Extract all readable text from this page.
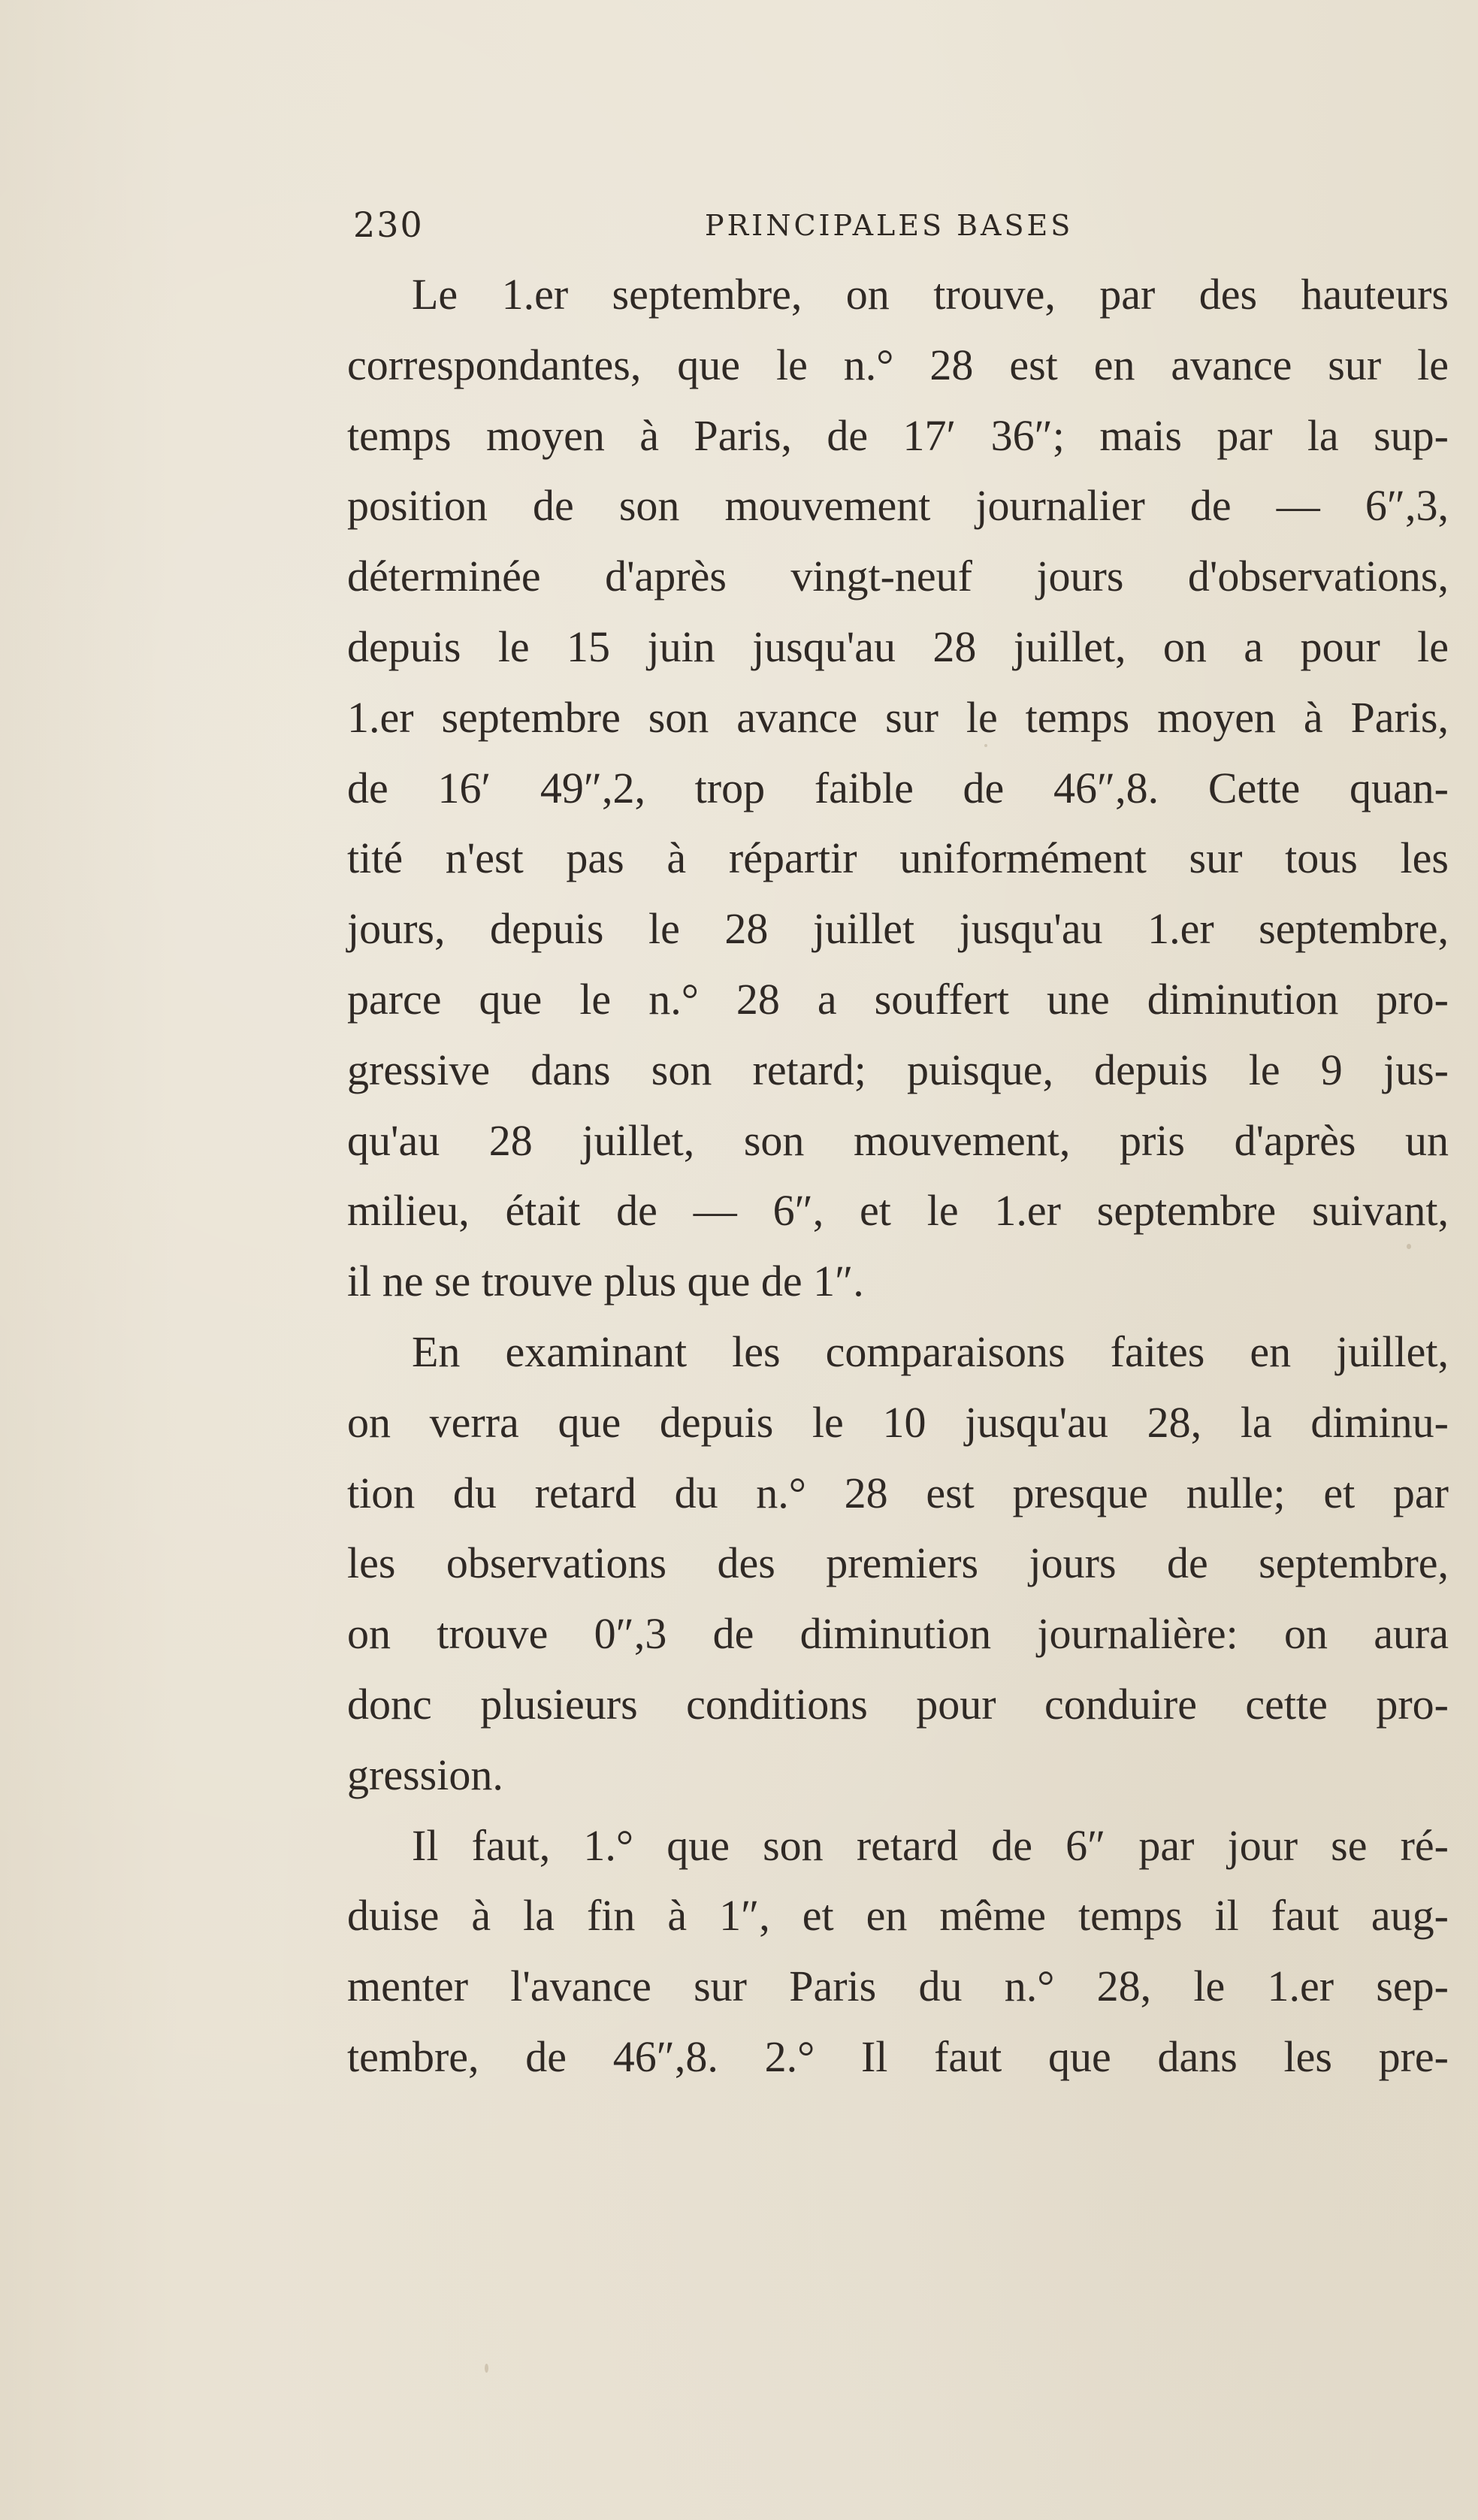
230	PRINCIPALES BASES
Le 1.er septembre, on trouve, par des hauteurs
correspondantes, que le n.° 28 est en avance sur le
temps moyen à Paris, de 17′ 36″; mais par la sup-
position de son mouvement journalier de — 6″,3,
déterminée d'après vingt-neuf jours d'observations,
depuis le 15 juin jusqu'au 28 juillet, on a pour le
1.er septembre son avance sur le temps moyen à Paris,
de 16′ 49″,2, trop faible de 46″,8. Cette quan-
tité n'est pas à répartir uniformément sur tous les
jours, depuis le 28 juillet jusqu'au 1.er septembre,
parce que le n.° 28 a souffert une diminution pro-
gressive dans son retard; puisque, depuis le 9 jus-
qu'au 28 juillet, son mouvement, pris d'après un
milieu, était de — 6″, et le 1.er septembre suivant,
il ne se trouve plus que de 1″.
En examinant les comparaisons faites en juillet,
on verra que depuis le 10 jusqu'au 28, la diminu-
tion du retard du n.° 28 est presque nulle; et par
les observations des premiers jours de septembre,
on trouve 0″,3 de diminution journalière: on aura
donc plusieurs conditions pour conduire cette pro-
gression.
Il faut, 1.° que son retard de 6″ par jour se ré-
duise à la fin à 1″, et en même temps il faut aug-
menter l'avance sur Paris du n.° 28, le 1.er sep-
tembre, de 46″,8. 2.° Il faut que dans les pre-
